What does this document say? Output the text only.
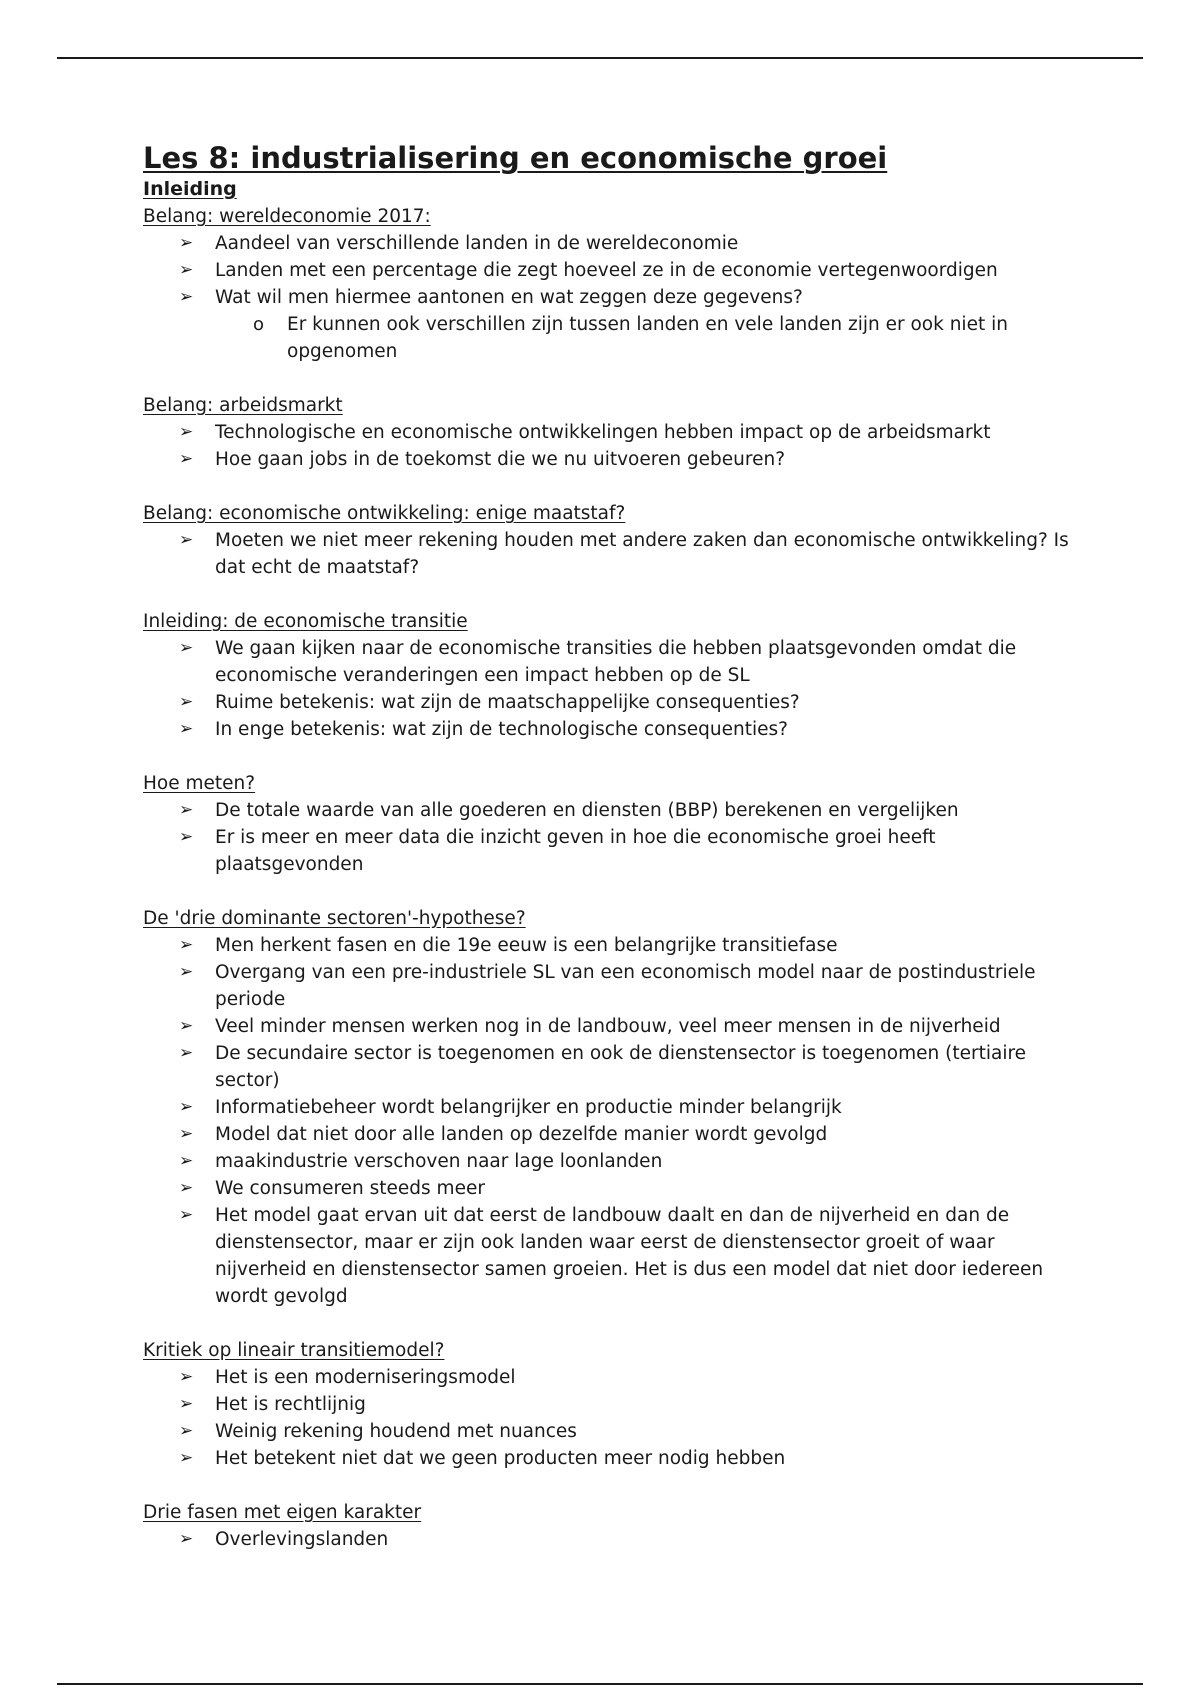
Les 8: industrialisering en economische groei
Inleiding
Belang: wereldeconomie 2017:
➢ Aandeel van verschillende landen in de wereldeconomie
➢ Landen met een percentage die zegt hoeveel ze in de economie vertegenwoordigen
➢ Wat wil men hiermee aantonen en wat zeggen deze gegevens?
o Er kunnen ook verschillen zijn tussen landen en vele landen zijn er ook niet in opgenomen
Belang: arbeidsmarkt
➢ Technologische en economische ontwikkelingen hebben impact op de arbeidsmarkt
➢ Hoe gaan jobs in de toekomst die we nu uitvoeren gebeuren?
Belang: economische ontwikkeling: enige maatstaf?
➢ Moeten we niet meer rekening houden met andere zaken dan economische ontwikkeling? Is dat echt de maatstaf?
Inleiding: de economische transitie
➢ We gaan kijken naar de economische transities die hebben plaatsgevonden omdat die economische veranderingen een impact hebben op de SL
➢ Ruime betekenis: wat zijn de maatschappelijke consequenties?
➢ In enge betekenis: wat zijn de technologische consequenties?
Hoe meten?
➢ De totale waarde van alle goederen en diensten (BBP) berekenen en vergelijken
➢ Er is meer en meer data die inzicht geven in hoe die economische groei heeft plaatsgevonden
De 'drie dominante sectoren'-hypothese?
➢ Men herkent fasen en die 19e eeuw is een belangrijke transitiefase
➢ Overgang van een pre-industriele SL van een economisch model naar de postindustriele periode
➢ Veel minder mensen werken nog in de landbouw, veel meer mensen in de nijverheid
➢ De secundaire sector is toegenomen en ook de dienstensector is toegenomen (tertiaire sector)
➢ Informatiebeheer wordt belangrijker en productie minder belangrijk
➢ Model dat niet door alle landen op dezelfde manier wordt gevolgd
➢ maakindustrie verschoven naar lage loonlanden
➢ We consumeren steeds meer
➢ Het model gaat ervan uit dat eerst de landbouw daalt en dan de nijverheid en dan de dienstensector, maar er zijn ook landen waar eerst de dienstensector groeit of waar nijverheid en dienstensector samen groeien. Het is dus een model dat niet door iedereen wordt gevolgd
Kritiek op lineair transitiemodel?
➢ Het is een moderniseringsmodel
➢ Het is rechtlijnig
➢ Weinig rekening houdend met nuances
➢ Het betekent niet dat we geen producten meer nodig hebben
Drie fasen met eigen karakter
➢ Overlevingslanden
